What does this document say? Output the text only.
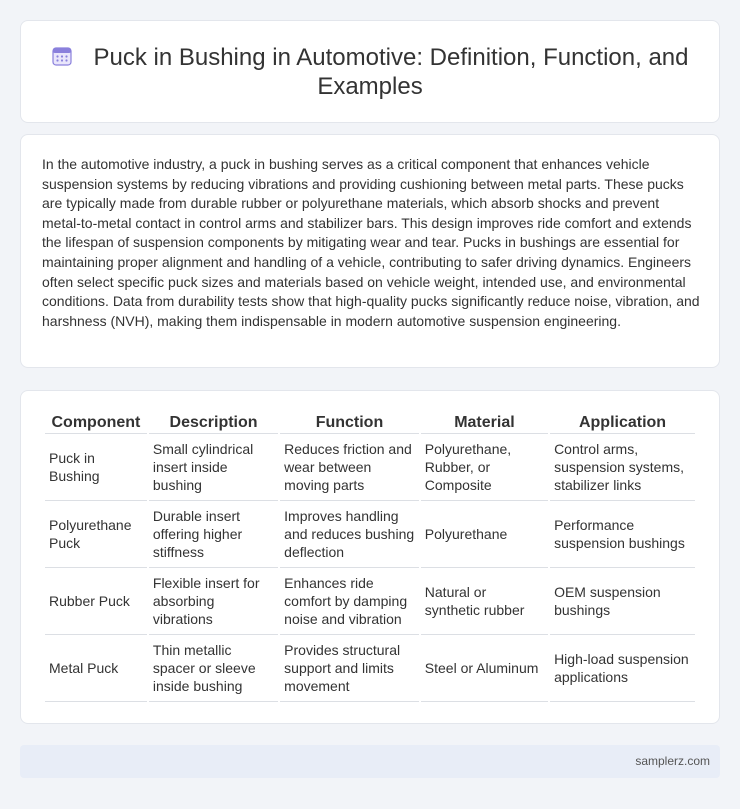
Puck in Bushing in Automotive: Definition, Function, and Examples

In the automotive industry, a puck in bushing serves as a critical component that enhances vehicle suspension systems by reducing vibrations and providing cushioning between metal parts. These pucks are typically made from durable rubber or polyurethane materials, which absorb shocks and prevent metal-to-metal contact in control arms and stabilizer bars. This design improves ride comfort and extends the lifespan of suspension components by mitigating wear and tear. Pucks in bushings are essential for maintaining proper alignment and handling of a vehicle, contributing to safer driving dynamics. Engineers often select specific puck sizes and materials based on vehicle weight, intended use, and environmental conditions. Data from durability tests show that high-quality pucks significantly reduce noise, vibration, and harshness (NVH), making them indispensable in modern automotive suspension engineering.

Component	Description	Function	Material	Application
Puck in Bushing	Small cylindrical insert inside bushing	Reduces friction and wear between moving parts	Polyurethane, Rubber, or Composite	Control arms, suspension systems, stabilizer links
Polyurethane Puck	Durable insert offering higher stiffness	Improves handling and reduces bushing deflection	Polyurethane	Performance suspension bushings
Rubber Puck	Flexible insert for absorbing vibrations	Enhances ride comfort by damping noise and vibration	Natural or synthetic rubber	OEM suspension bushings
Metal Puck	Thin metallic spacer or sleeve inside bushing	Provides structural support and limits movement	Steel or Aluminum	High-load suspension applications
samplerz.com
